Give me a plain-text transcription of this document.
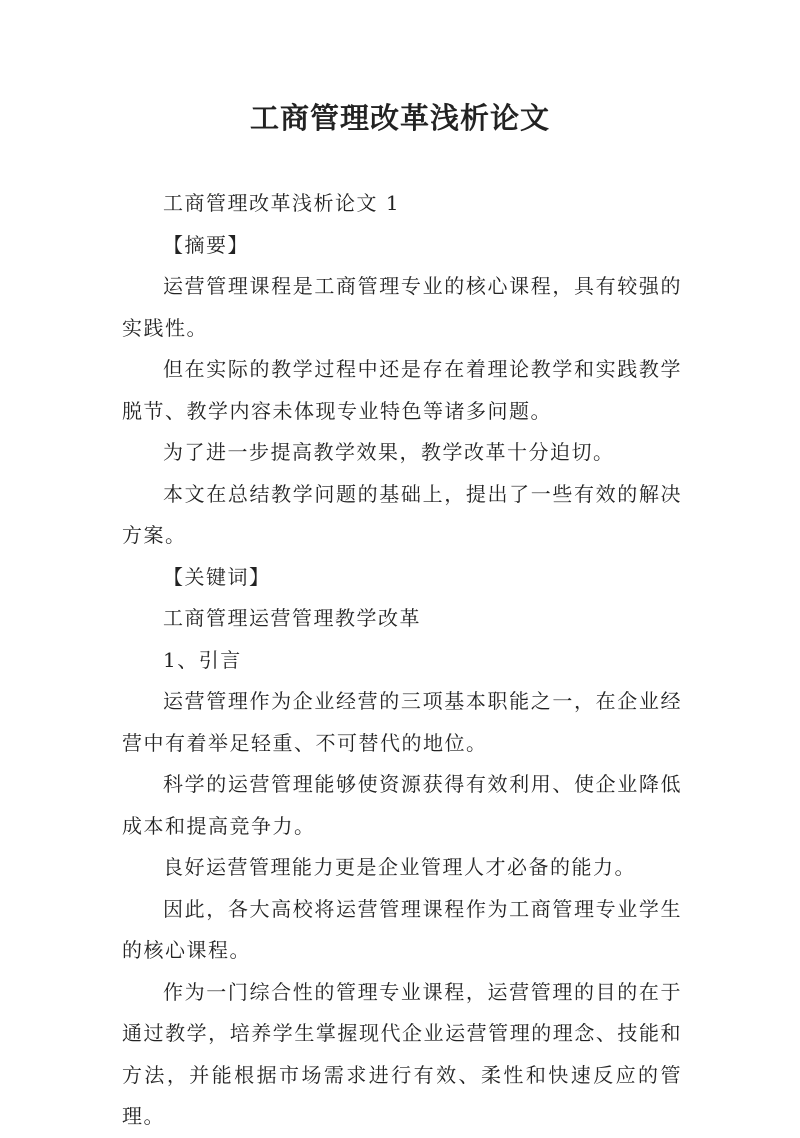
工商管理改革浅析论文

工商管理改革浅析论文 1

【摘要】

运营管理课程是工商管理专业的核心课程，具有较强的实践性。

但在实际的教学过程中还是存在着理论教学和实践教学脱节、教学内容未体现专业特色等诸多问题。

为了进一步提高教学效果，教学改革十分迫切。

本文在总结教学问题的基础上，提出了一些有效的解决方案。

【关键词】

工商管理运营管理教学改革

1、引言

运营管理作为企业经营的三项基本职能之一，在企业经营中有着举足轻重、不可替代的地位。

科学的运营管理能够使资源获得有效利用、使企业降低成本和提高竞争力。

良好运营管理能力更是企业管理人才必备的能力。

因此，各大高校将运营管理课程作为工商管理专业学生的核心课程。

作为一门综合性的管理专业课程，运营管理的目的在于通过教学，培养学生掌握现代企业运营管理的理念、技能和方法，并能根据市场需求进行有效、柔性和快速反应的管理。
